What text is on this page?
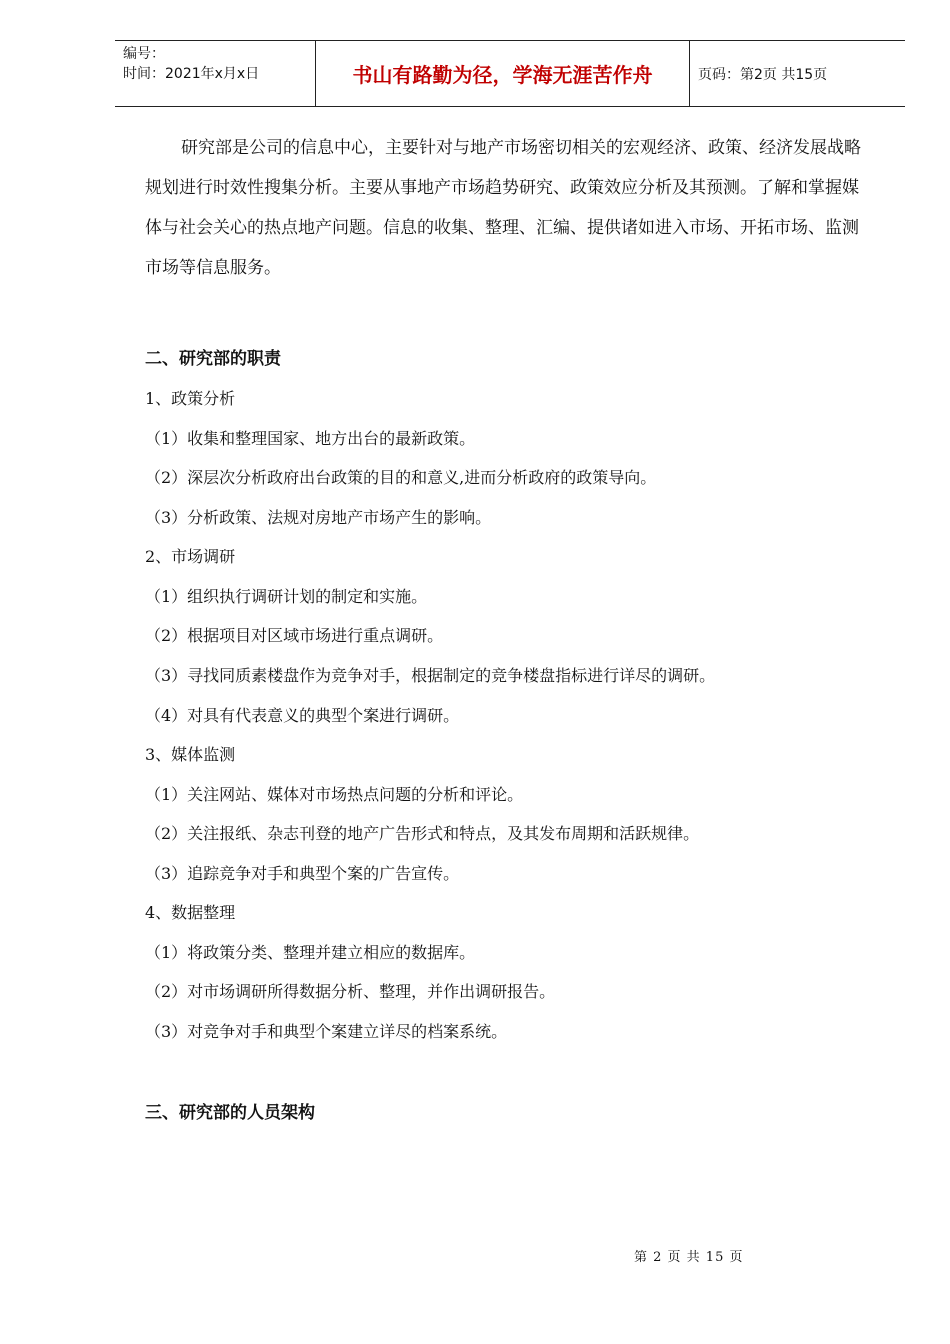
编号：
时间：2021年x月x日	书山有路勤为径，学海无涯苦作舟	页码：第2页 共15页

研究部是公司的信息中心，主要针对与地产市场密切相关的宏观经济、政策、经济发展战略规划进行时效性搜集分析。主要从事地产市场趋势研究、政策效应分析及其预测。了解和掌握媒体与社会关心的热点地产问题。信息的收集、整理、汇编、提供诸如进入市场、开拓市场、监测市场等信息服务。

二、研究部的职责

1、政策分析

（1）收集和整理国家、地方出台的最新政策。

（2）深层次分析政府出台政策的目的和意义,进而分析政府的政策导向。

（3）分析政策、法规对房地产市场产生的影响。

2、市场调研

（1）组织执行调研计划的制定和实施。

（2）根据项目对区域市场进行重点调研。

（3）寻找同质素楼盘作为竞争对手，根据制定的竞争楼盘指标进行详尽的调研。

（4）对具有代表意义的典型个案进行调研。

3、媒体监测

（1）关注网站、媒体对市场热点问题的分析和评论。

（2）关注报纸、杂志刊登的地产广告形式和特点，及其发布周期和活跃规律。

（3）追踪竞争对手和典型个案的广告宣传。

4、数据整理

（1）将政策分类、整理并建立相应的数据库。

（2）对市场调研所得数据分析、整理，并作出调研报告。

（3）对竞争对手和典型个案建立详尽的档案系统。

三、研究部的人员架构

第 2 页 共 15 页
